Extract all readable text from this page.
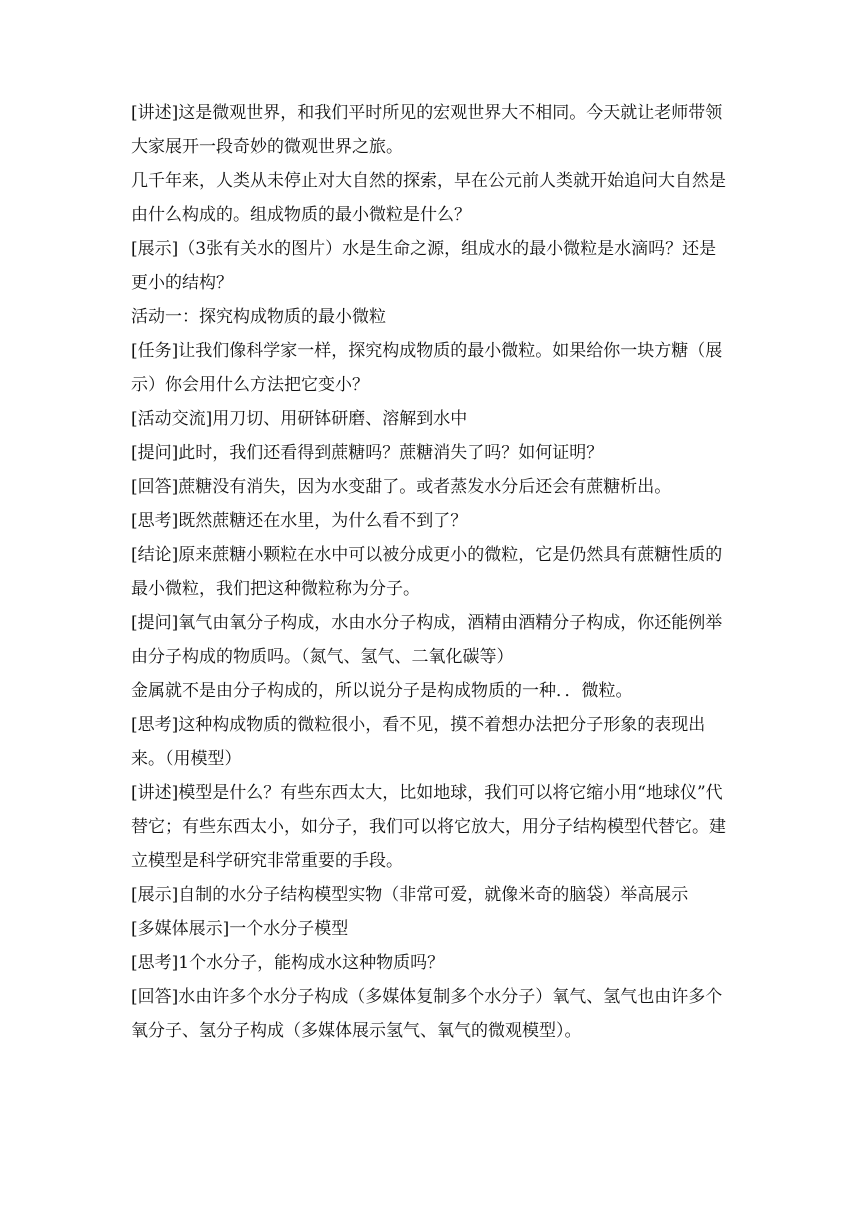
[讲述]这是微观世界，和我们平时所见的宏观世界大不相同。今天就让老师带领大家展开一段奇妙的微观世界之旅。

几千年来，人类从未停止对大自然的探索，早在公元前人类就开始追问大自然是由什么构成的。组成物质的最小微粒是什么？

[展示]（3张有关水的图片）水是生命之源，组成水的最小微粒是水滴吗？还是更小的结构？

活动一：探究构成物质的最小微粒

[任务]让我们像科学家一样，探究构成物质的最小微粒。如果给你一块方糖（展示）你会用什么方法把它变小？

[活动交流]用刀切、用研钵研磨、溶解到水中

[提问]此时，我们还看得到蔗糖吗？蔗糖消失了吗？如何证明？

[回答]蔗糖没有消失，因为水变甜了。或者蒸发水分后还会有蔗糖析出。

[思考]既然蔗糖还在水里，为什么看不到了？

[结论]原来蔗糖小颗粒在水中可以被分成更小的微粒，它是仍然具有蔗糖性质的最小微粒，我们把这种微粒称为分子。

[提问]氧气由氧分子构成，水由水分子构成，酒精由酒精分子构成，你还能例举由分子构成的物质吗。（氮气、氢气、二氧化碳等）

金属就不是由分子构成的，所以说分子是构成物质的一种．．微粒。

[思考]这种构成物质的微粒很小，看不见，摸不着想办法把分子形象的表现出来。（用模型）

[讲述]模型是什么？有些东西太大，比如地球，我们可以将它缩小用“地球仪”代替它；有些东西太小，如分子，我们可以将它放大，用分子结构模型代替它。建立模型是科学研究非常重要的手段。

[展示]自制的水分子结构模型实物（非常可爱，就像米奇的脑袋）举高展示

[多媒体展示]一个水分子模型

[思考]1个水分子，能构成水这种物质吗？

[回答]水由许多个水分子构成（多媒体复制多个水分子）氧气、氢气也由许多个氧分子、氢分子构成（多媒体展示氢气、氧气的微观模型）。
